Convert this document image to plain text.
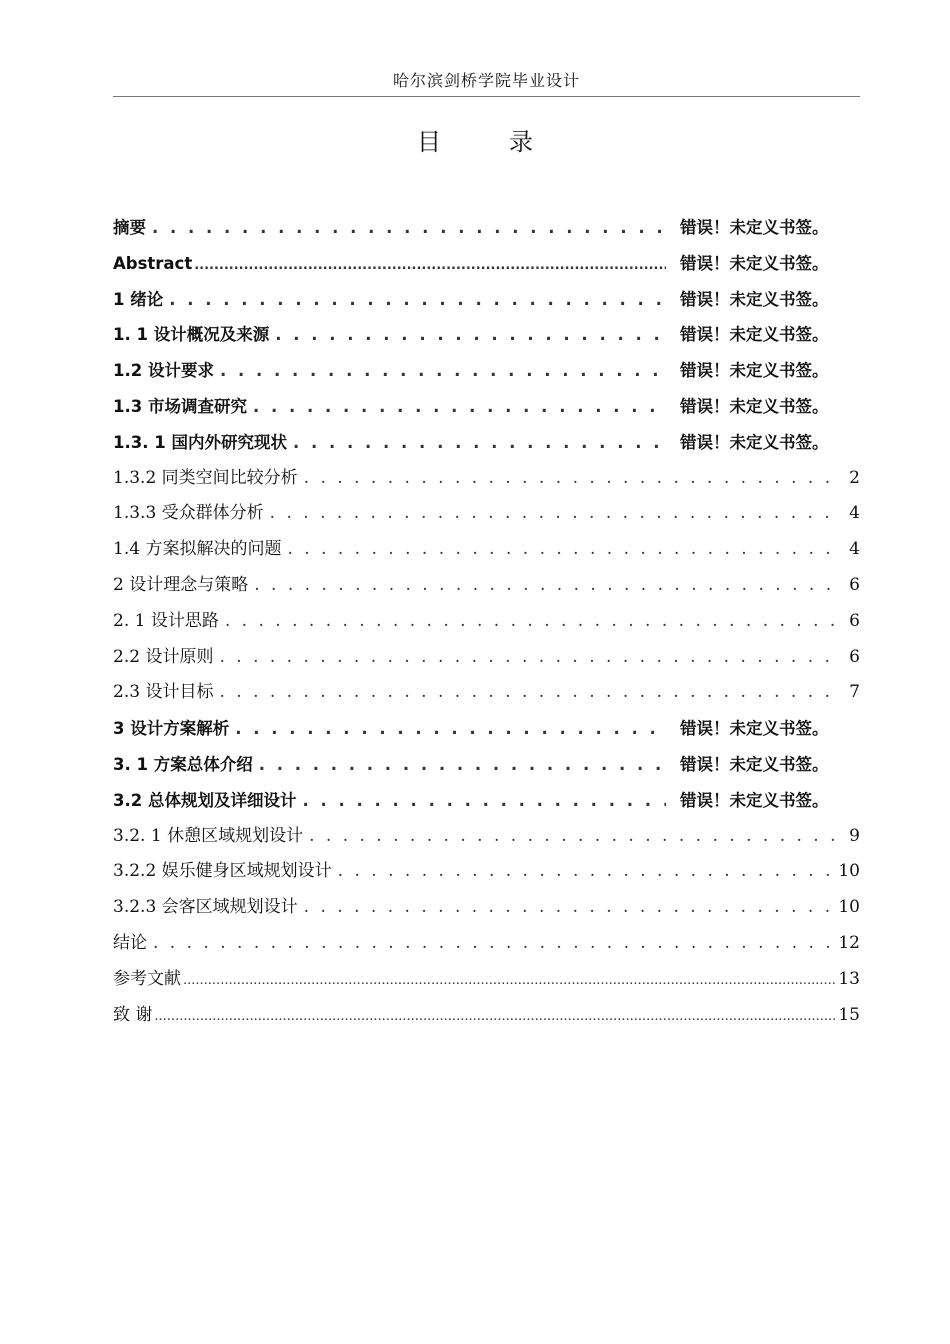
哈尔滨剑桥学院毕业设计
目　录
摘要 . . .	错误！未定义书签。
Abstract .....	错误！未定义书签。
1 绪论 . . .	错误！未定义书签。
1. 1 设计概况及来源 . . .	错误！未定义书签。
1.2 设计要求 . . .	错误！未定义书签。
1.3 市场调查研究 . . .	错误！未定义书签。
1.3. 1 国内外研究现状 . . .	错误！未定义书签。
1.3.2 同类空间比较分析 . . .	2
1.3.3 受众群体分析 . . .	4
1.4 方案拟解决的问题 . . .	4
2 设计理念与策略 . . .	6
2. 1 设计思路 . . .	6
2.2 设计原则 . . .	6
2.3 设计目标 . . .	7
3 设计方案解析 . . .	错误！未定义书签。
3. 1 方案总体介绍 . . .	错误！未定义书签。
3.2 总体规划及详细设计 . . .	错误！未定义书签。
3.2. 1 休憩区域规划设计 . . .	9
3.2.2 娱乐健身区域规划设计 . . .	10
3.2.3 会客区域规划设计 . . .	10
结论 . . .	12
参考文献 .....	13
致 谢 .....	15
